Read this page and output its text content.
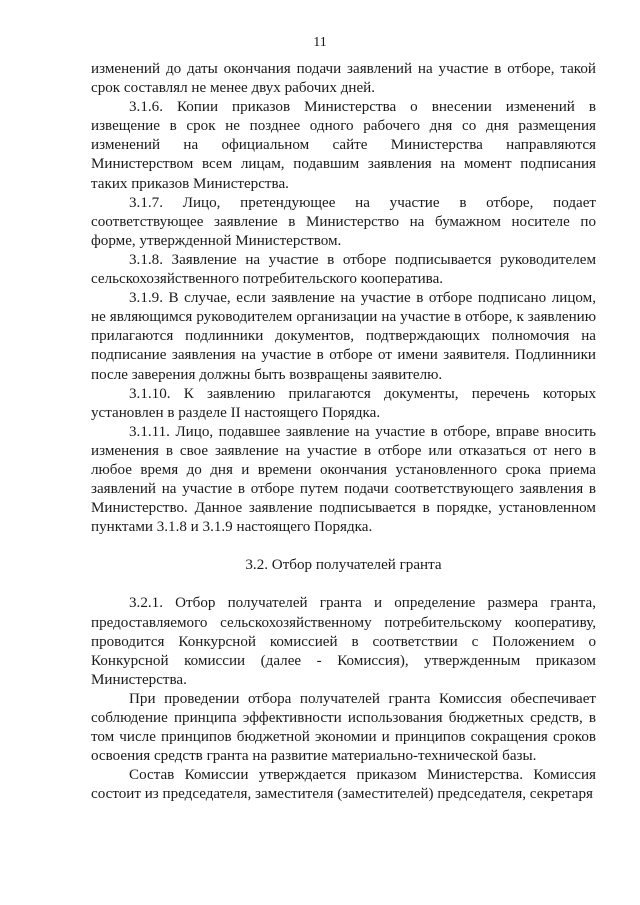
11

изменений до даты окончания подачи заявлений на участие в отборе, такой срок составлял не менее двух рабочих дней.

3.1.6. Копии приказов Министерства о внесении изменений в извещение в срок не позднее одного рабочего дня со дня размещения изменений на официальном сайте Министерства направляются Министерством всем лицам, подавшим заявления на момент подписания таких приказов Министерства.

3.1.7. Лицо, претендующее на участие в отборе, подает соответствующее заявление в Министерство на бумажном носителе по форме, утвержденной Министерством.

3.1.8. Заявление на участие в отборе подписывается руководителем сельскохозяйственного потребительского кооператива.

3.1.9. В случае, если заявление на участие в отборе подписано лицом, не являющимся руководителем организации на участие в отборе, к заявлению прилагаются подлинники документов, подтверждающих полномочия на подписание заявления на участие в отборе от имени заявителя. Подлинники после заверения должны быть возвращены заявителю.

3.1.10. К заявлению прилагаются документы, перечень которых установлен в разделе II настоящего Порядка.

3.1.11. Лицо, подавшее заявление на участие в отборе, вправе вносить изменения в свое заявление на участие в отборе или отказаться от него в любое время до дня и времени окончания установленного срока приема заявлений на участие в отборе путем подачи соответствующего заявления в Министерство. Данное заявление подписывается в порядке, установленном пунктами 3.1.8 и 3.1.9 настоящего Порядка.

3.2. Отбор получателей гранта

3.2.1. Отбор получателей гранта и определение размера гранта, предоставляемого сельскохозяйственному потребительскому кооперативу, проводится Конкурсной комиссией в соответствии с Положением о Конкурсной комиссии (далее - Комиссия), утвержденным приказом Министерства.

При проведении отбора получателей гранта Комиссия обеспечивает соблюдение принципа эффективности использования бюджетных средств, в том числе принципов бюджетной экономии и принципов сокращения сроков освоения средств гранта на развитие материально-технической базы.

Состав Комиссии утверждается приказом Министерства. Комиссия состоит из председателя, заместителя (заместителей) председателя, секретаря
